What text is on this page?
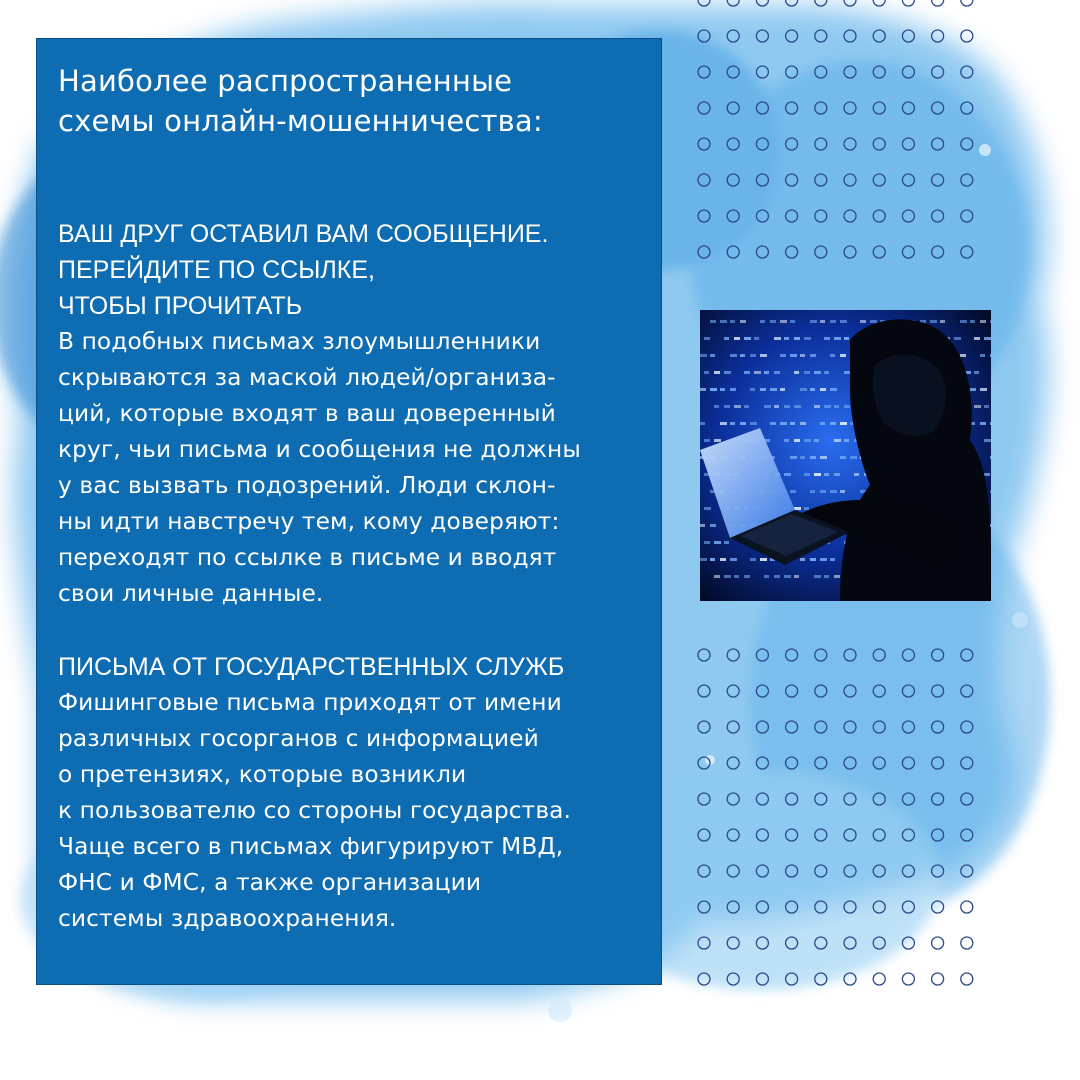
Наиболее распространенные
схемы онлайн-мошенничества:
ВАШ ДРУГ ОСТАВИЛ ВАМ СООБЩЕНИЕ.
ПЕРЕЙДИТЕ ПО ССЫЛКЕ,
ЧТОБЫ ПРОЧИТАТЬ
В подобных письмах злоумышленники
скрываются за маской людей/организа-
ций, которые входят в ваш доверенный
круг, чьи письма и сообщения не должны
у вас вызвать подозрений. Люди склон-
ны идти навстречу тем, кому доверяют:
переходят по ссылке в письме и вводят
свои личные данные.
ПИСЬМА ОТ ГОСУДАРСТВЕННЫХ СЛУЖБ
Фишинговые письма приходят от имени
различных госорганов с информацией
о претензиях, которые возникли
к пользователю со стороны государства.
Чаще всего в письмах фигурируют МВД,
ФНС и ФМС, а также организации
системы здравоохранения.
